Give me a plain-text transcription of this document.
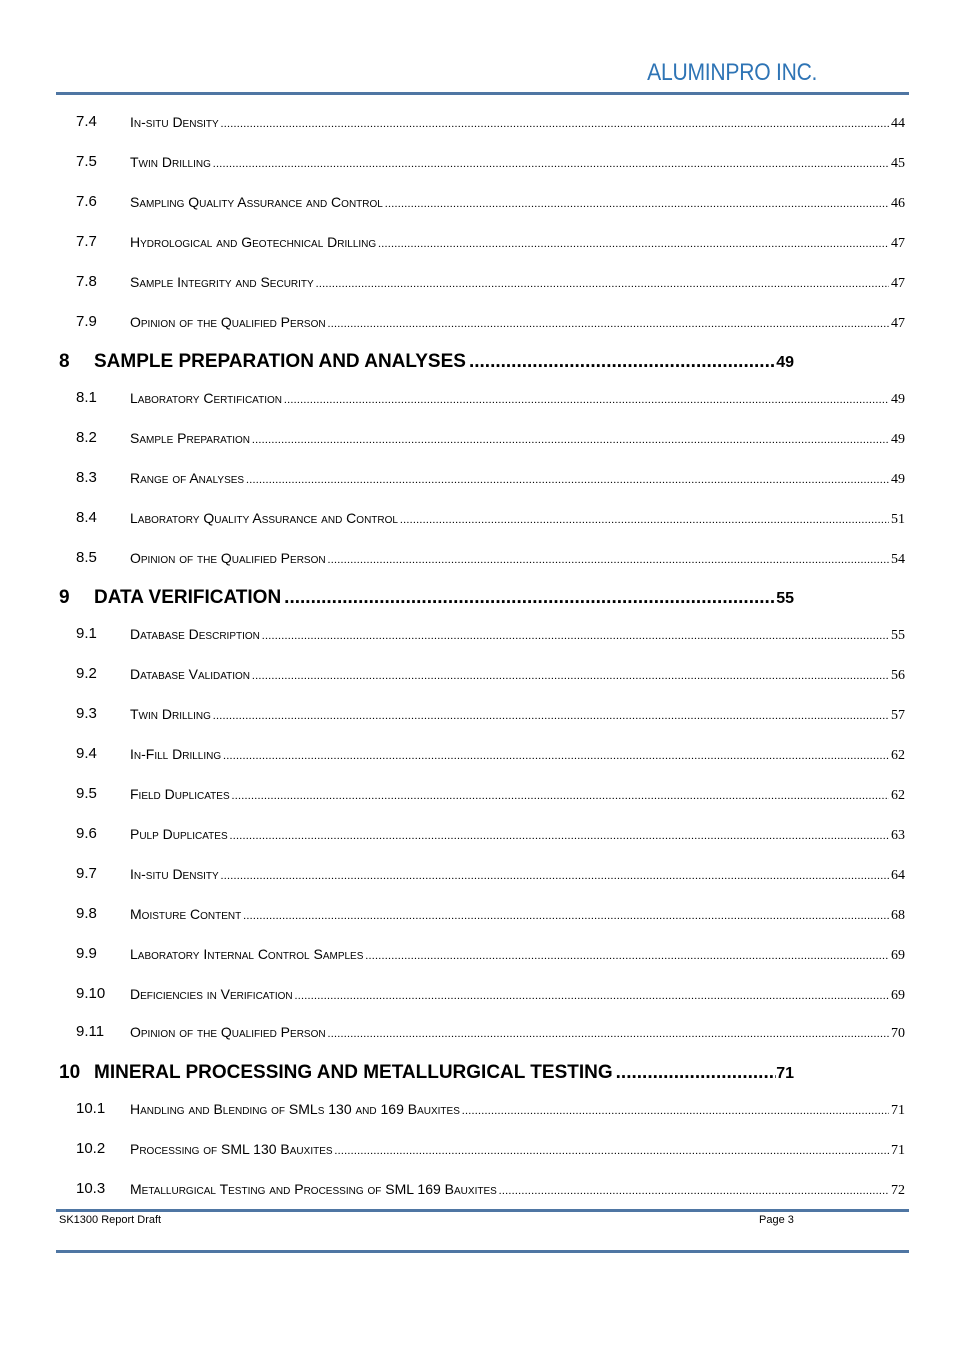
ALUMINPRO INC.
7.4 In-situ Density .....	44
7.5 Twin Drilling .....	45
7.6 Sampling Quality Assurance and Control .....	46
7.7 Hydrological and Geotechnical Drilling .....	47
7.8 Sample Integrity and Security .....	47
7.9 Opinion of the Qualified Person .....	47
8 SAMPLE PREPARATION AND ANALYSES .....	49
8.1 Laboratory Certification .....	49
8.2 Sample Preparation .....	49
8.3 Range of Analyses .....	49
8.4 Laboratory Quality Assurance and Control .....	51
8.5 Opinion of the Qualified Person .....	54
9 DATA VERIFICATION .....	55
9.1 Database Description .....	55
9.2 Database Validation .....	56
9.3 Twin Drilling .....	57
9.4 In-Fill Drilling .....	62
9.5 Field Duplicates .....	62
9.6 Pulp Duplicates .....	63
9.7 In-situ Density .....	64
9.8 Moisture Content .....	68
9.9 Laboratory Internal Control Samples .....	69
9.10 Deficiencies in Verification .....	69
9.11 Opinion of the Qualified Person .....	70
10 MINERAL PROCESSING AND METALLURGICAL TESTING .....	71
10.1 Handling and Blending of SMLs 130 and 169 Bauxites .....	71
10.2 Processing of SML 130 Bauxites .....	71
10.3 Metallurgical Testing and Processing of SML 169 Bauxites .....	72
SK1300 Report Draft	Page 3
